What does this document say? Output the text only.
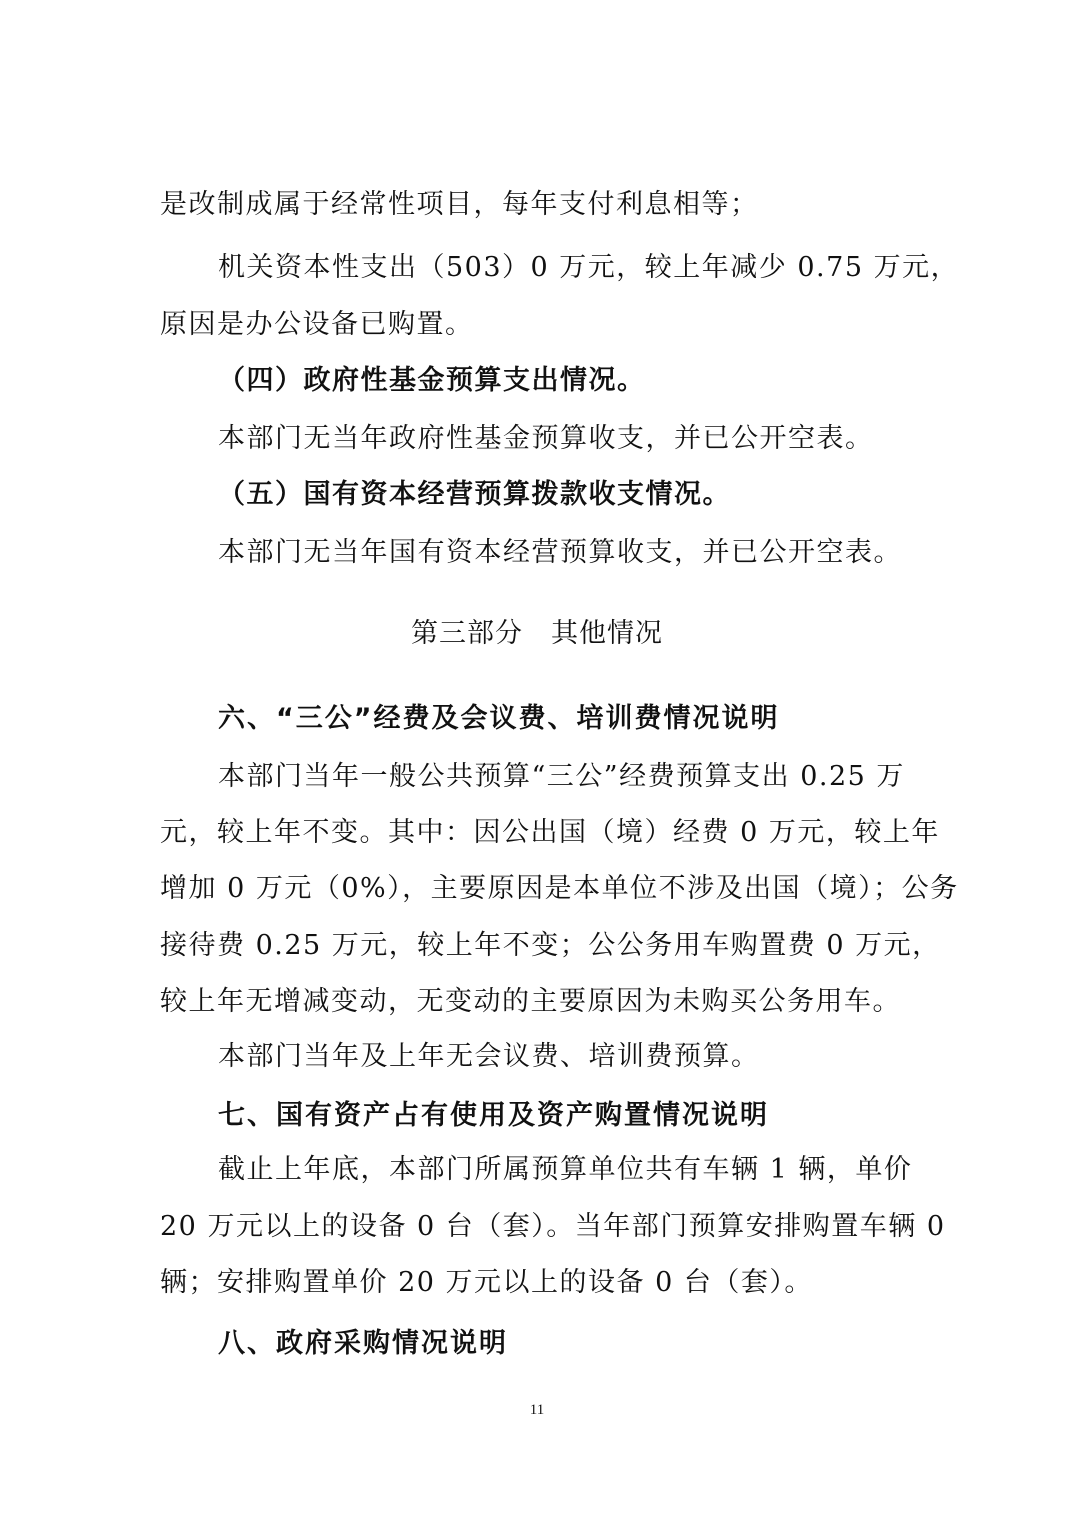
是改制成属于经常性项目，每年支付利息相等；
机关资本性支出（503）0 万元，较上年减少 0.75 万元，
原因是办公设备已购置。
（四）政府性基金预算支出情况。
本部门无当年政府性基金预算收支，并已公开空表。
（五）国有资本经营预算拨款收支情况。
本部门无当年国有资本经营预算收支，并已公开空表。
第三部分　其他情况
六、“三公”经费及会议费、培训费情况说明
本部门当年一般公共预算“三公”经费预算支出 0.25 万
元，较上年不变。其中：因公出国（境）经费 0 万元，较上年
增加 0 万元（0%），主要原因是本单位不涉及出国（境）；公务
接待费 0.25 万元，较上年不变；公公务用车购置费 0 万元，
较上年无增减变动，无变动的主要原因为未购买公务用车。
本部门当年及上年无会议费、培训费预算。
七、国有资产占有使用及资产购置情况说明
截止上年底，本部门所属预算单位共有车辆 1 辆，单价
20 万元以上的设备 0 台（套）。当年部门预算安排购置车辆 0
辆；安排购置单价 20 万元以上的设备 0 台（套）。
八、政府采购情况说明
11
